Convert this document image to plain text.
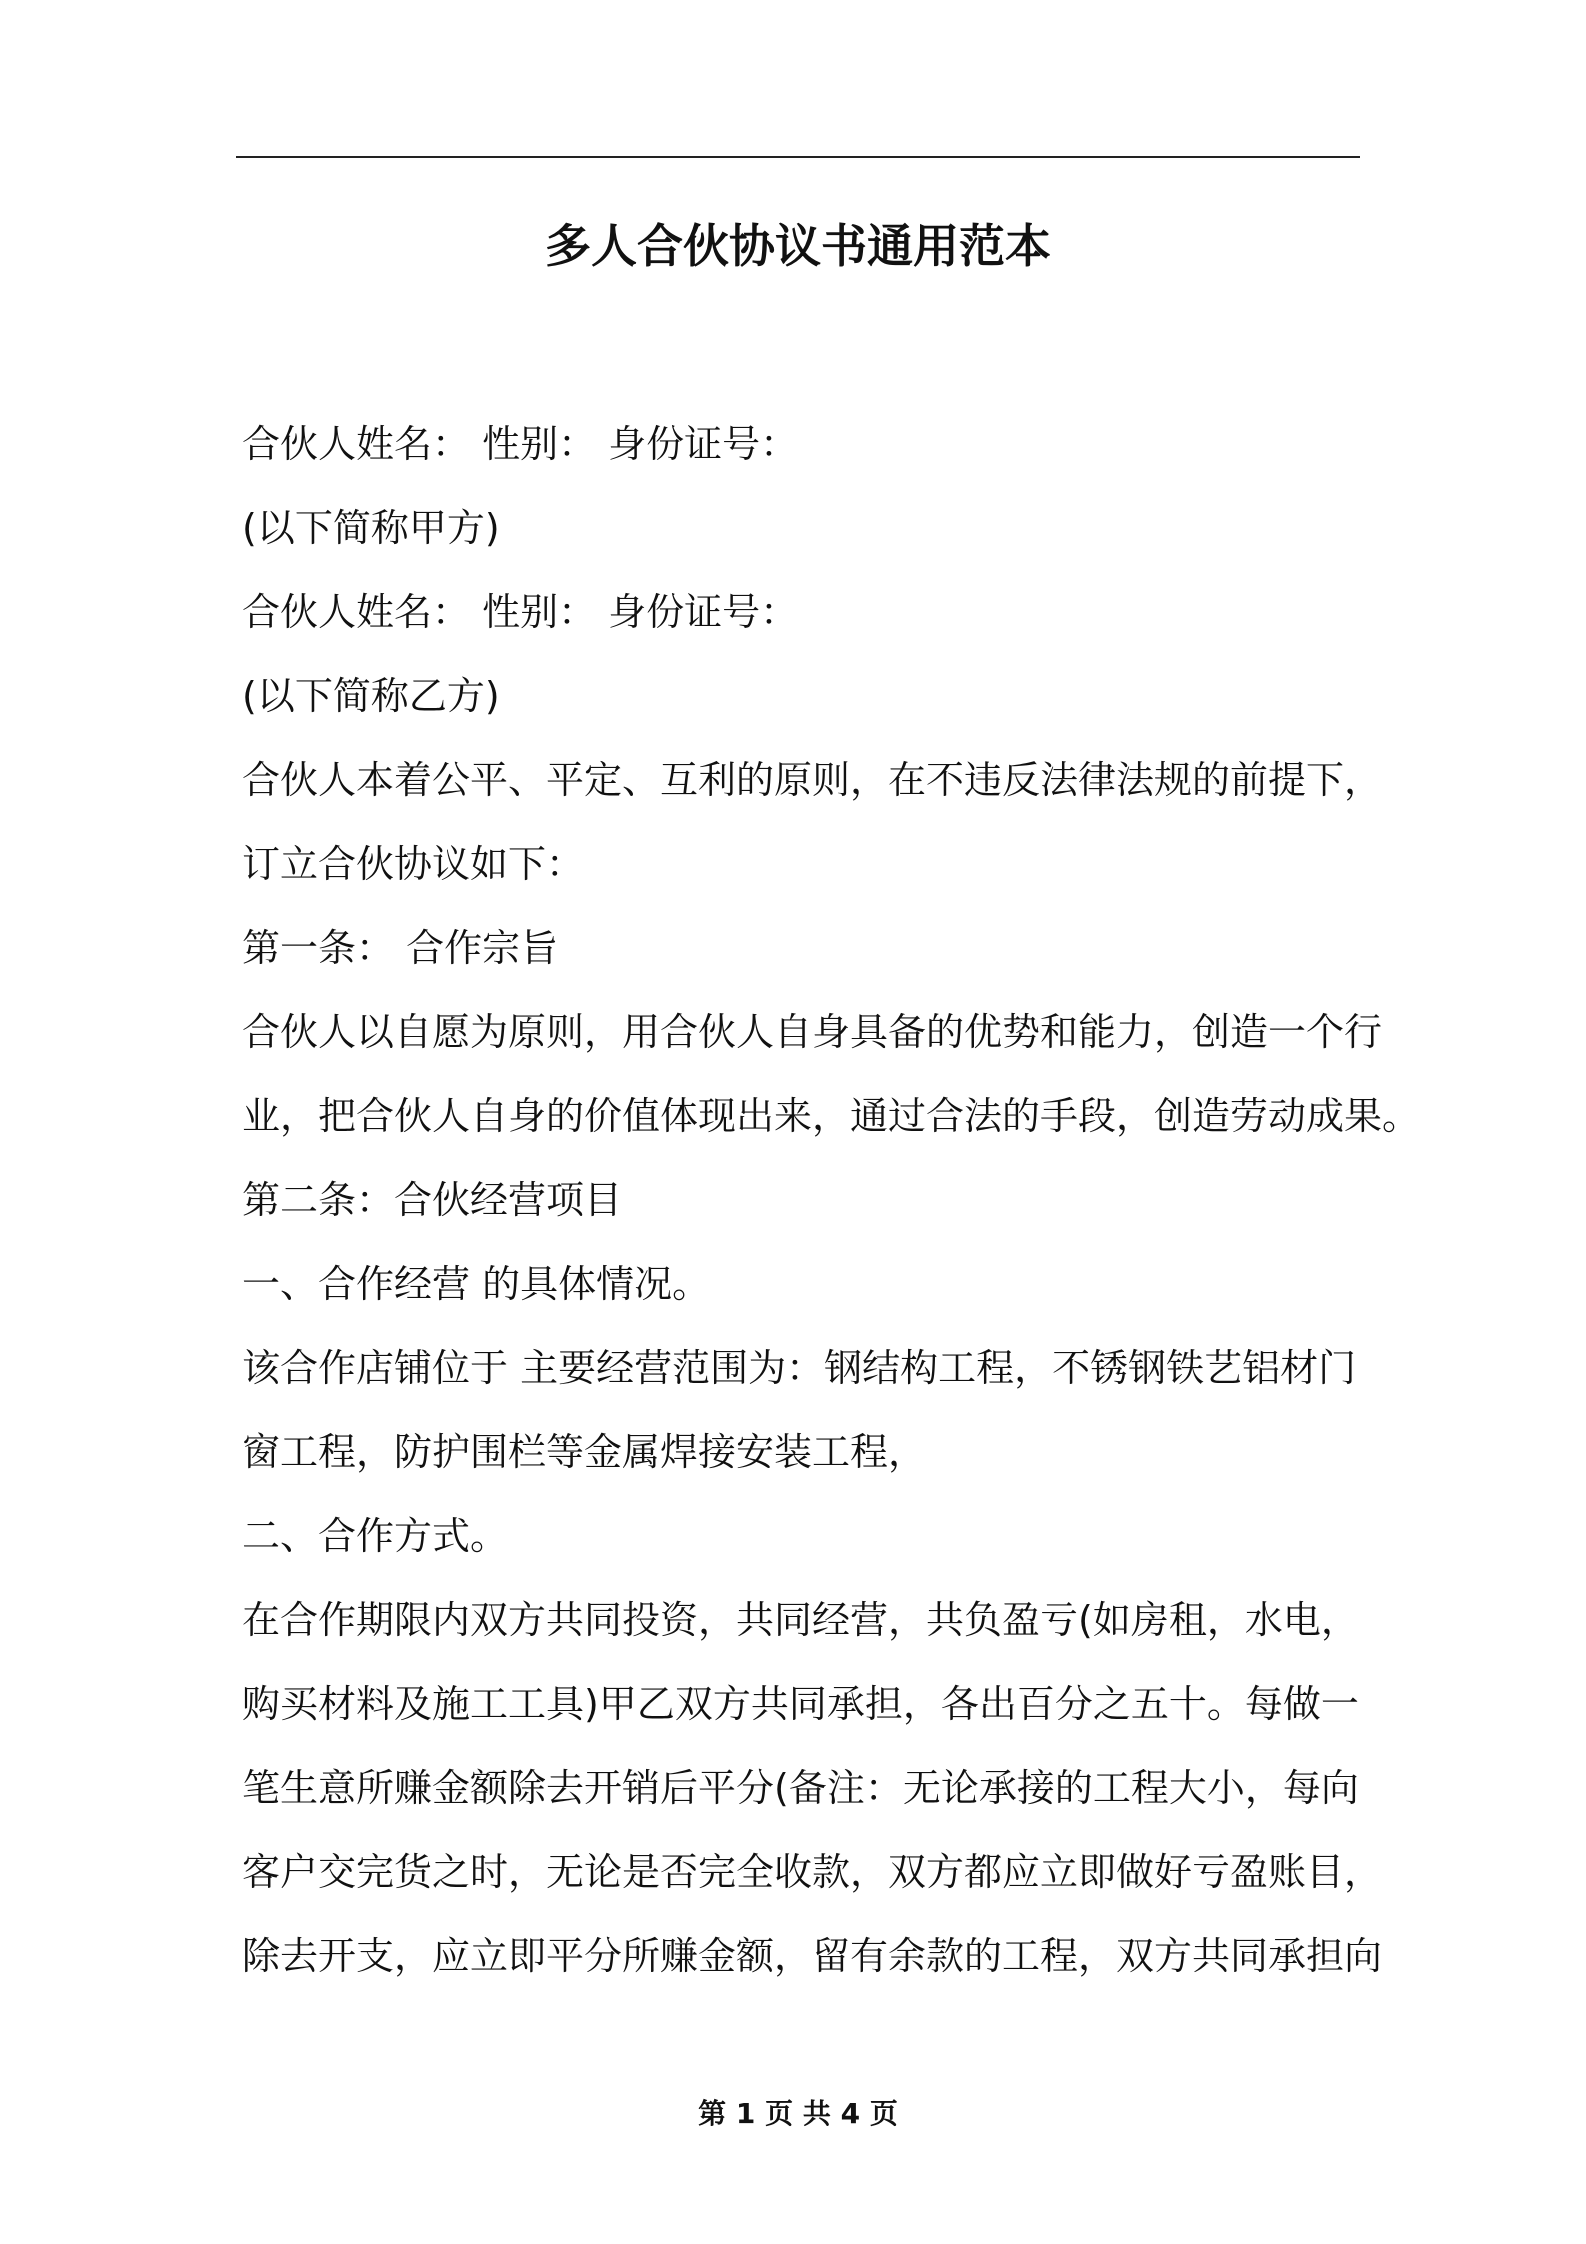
多人合伙协议书通用范本
合伙人姓名： 性别： 身份证号：
(以下简称甲方)
合伙人姓名： 性别： 身份证号：
(以下简称乙方)
合伙人本着公平、平定、互利的原则，在不违反法律法规的前提下，
订立合伙协议如下：
第一条： 合作宗旨
合伙人以自愿为原则，用合伙人自身具备的优势和能力，创造一个行
业，把合伙人自身的价值体现出来，通过合法的手段，创造劳动成果。
第二条：合伙经营项目
一、合作经营 的具体情况。
该合作店铺位于 主要经营范围为：钢结构工程，不锈钢铁艺铝材门
窗工程，防护围栏等金属焊接安装工程，
二、合作方式。
在合作期限内双方共同投资，共同经营，共负盈亏(如房租，水电，
购买材料及施工工具)甲乙双方共同承担，各出百分之五十。每做一
笔生意所赚金额除去开销后平分(备注：无论承接的工程大小，每向
客户交完货之时，无论是否完全收款，双方都应立即做好亏盈账目，
除去开支，应立即平分所赚金额，留有余款的工程，双方共同承担向
第 1 页 共 4 页
